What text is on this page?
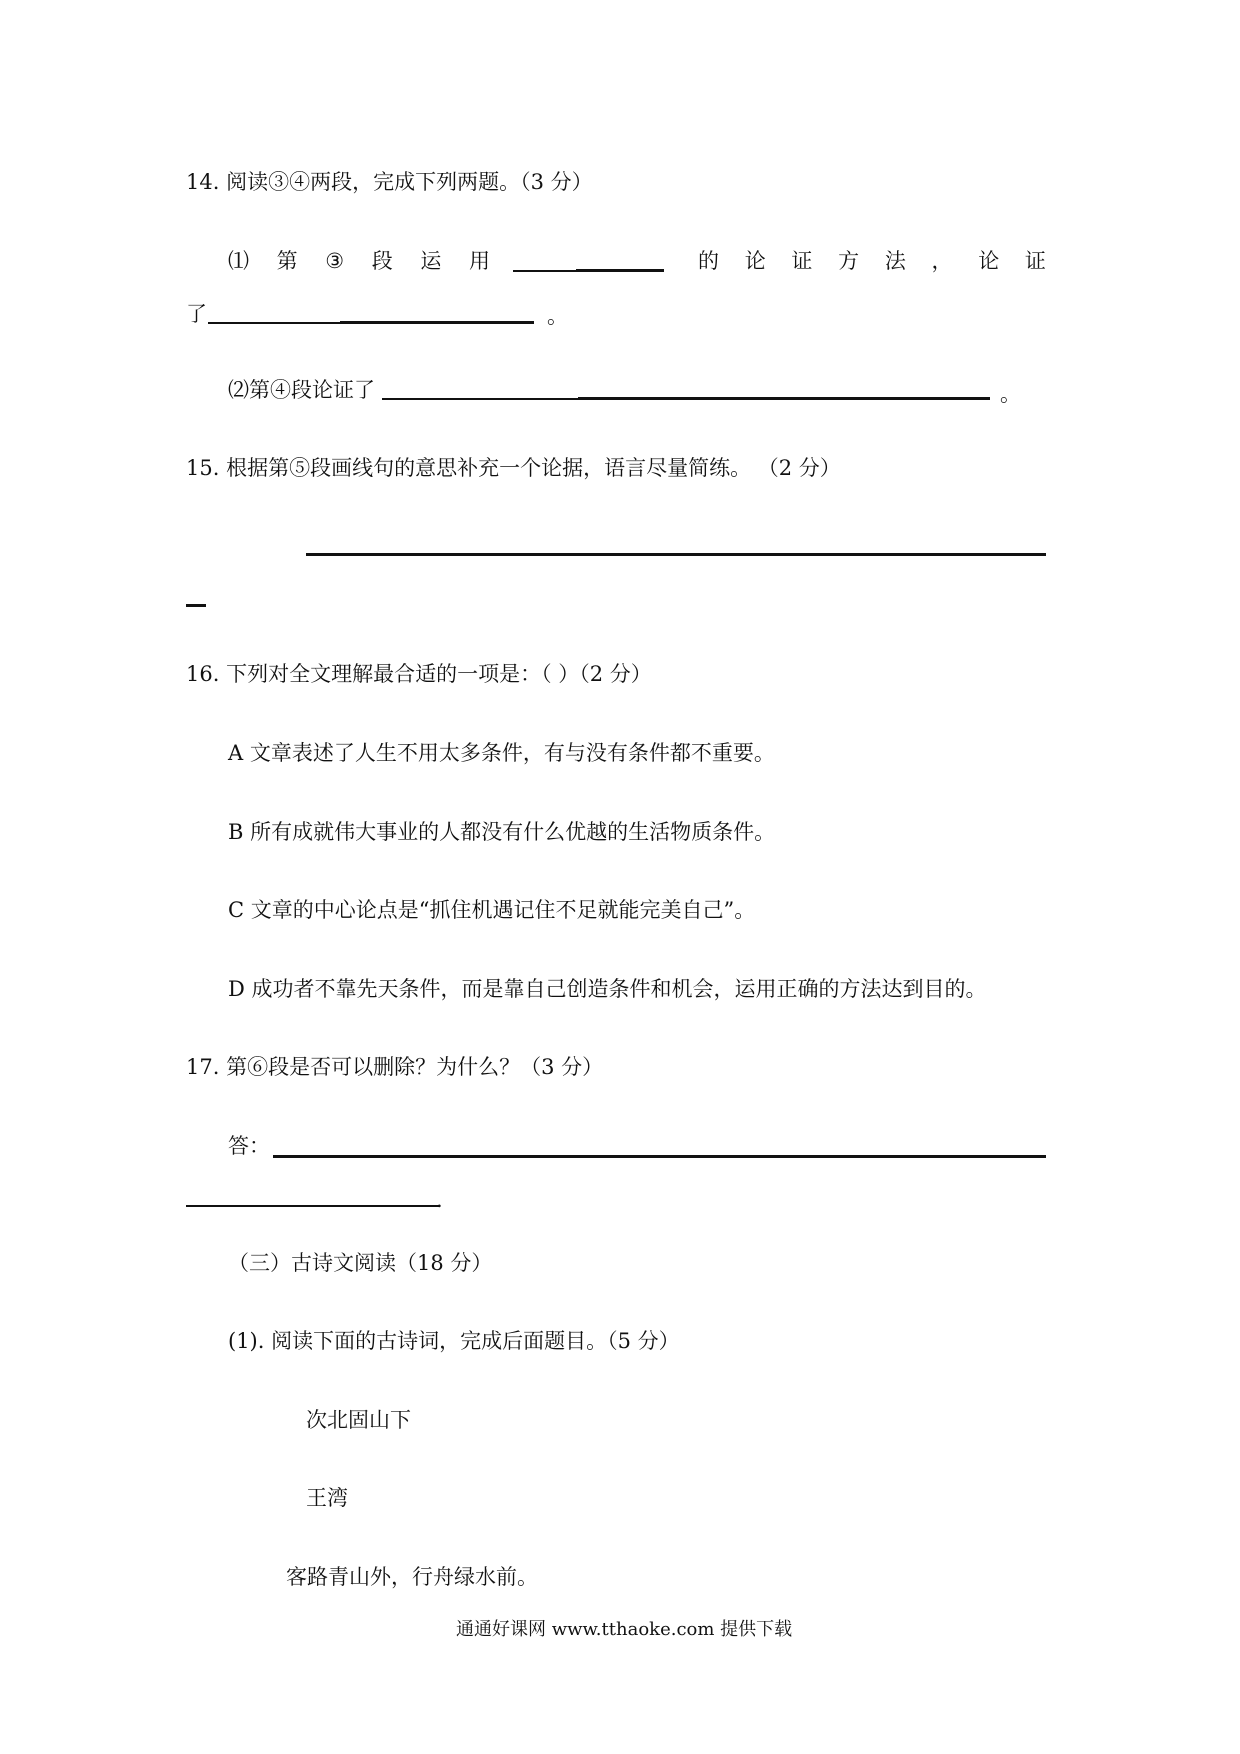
14. 阅读③④两段，完成下列两题。（3 分）
⑴ 第 ③ 段 运 用	的 论 证 方 法 ， 论 证
了	。
⑵第④段论证了	。
15. 根据第⑤段画线句的意思补充一个论据，语言尽量简练。 （2 分）
16. 下列对全文理解最合适的一项是：（ ）（2 分）
A 文章表述了人生不用太多条件，有与没有条件都不重要。
B 所有成就伟大事业的人都没有什么优越的生活物质条件。
C 文章的中心论点是“抓住机遇记住不足就能完美自己”。
D 成功者不靠先天条件，而是靠自己创造条件和机会，运用正确的方法达到目的。
17. 第⑥段是否可以删除？为什么？（3 分）
答：
.
（三）古诗文阅读（18 分）
(1). 阅读下面的古诗词，完成后面题目。（5 分）
次北固山下
王湾
客路青山外，行舟绿水前。
通通好课网 www.tthaoke.com 提供下载
